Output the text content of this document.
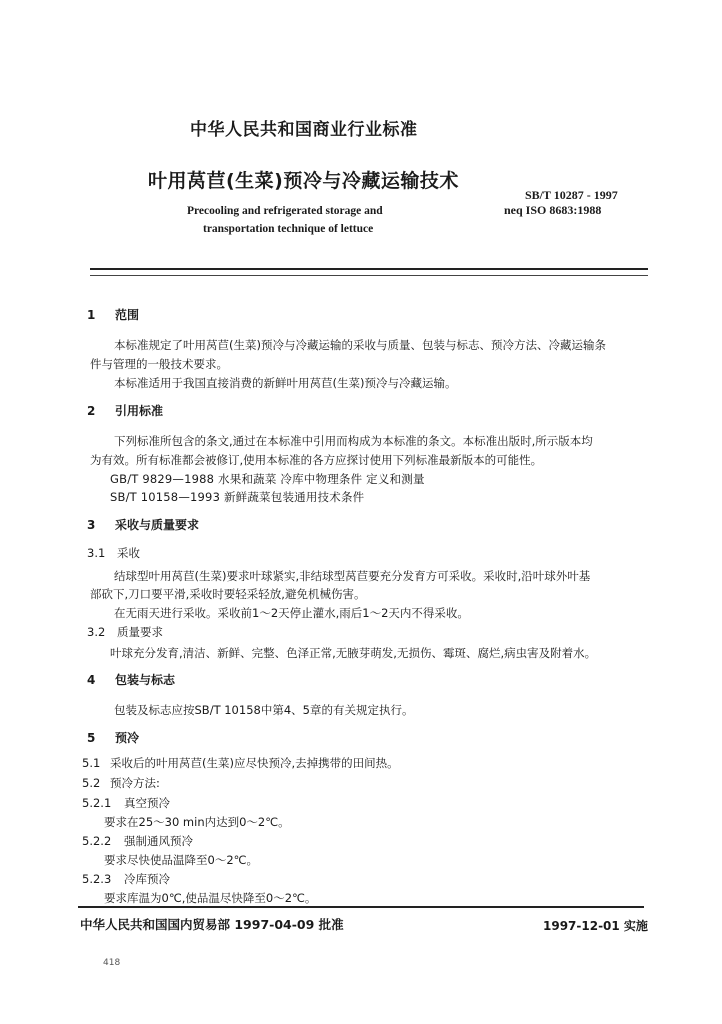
中华人民共和国商业行业标准
叶用莴苣(生菜)预冷与冷藏运输技术
SB/T 10287 - 1997
neq ISO 8683:1988
Precooling and refrigerated storage and
transportation technique of lettuce
1 范围
本标准规定了叶用莴苣(生菜)预冷与冷藏运输的采收与质量、包装与标志、预冷方法、冷藏运输条
件与管理的一般技术要求。
本标准适用于我国直接消费的新鲜叶用莴苣(生菜)预冷与冷藏运输。
2 引用标准
下列标准所包含的条文,通过在本标准中引用而构成为本标准的条文。本标准出版时,所示版本均
为有效。所有标准都会被修订,使用本标准的各方应探讨使用下列标准最新版本的可能性。
GB/T 9829—1988 水果和蔬菜 冷库中物理条件 定义和测量
SB/T 10158—1993 新鲜蔬菜包装通用技术条件
3 采收与质量要求
3.1 采收
结球型叶用莴苣(生菜)要求叶球紧实,非结球型莴苣要充分发育方可采收。采收时,沿叶球外叶基
部砍下,刀口要平滑,采收时要轻采轻放,避免机械伤害。
在无雨天进行采收。采收前1～2天停止灌水,雨后1～2天内不得采收。
3.2 质量要求
叶球充分发育,清洁、新鲜、完整、色泽正常,无腋芽萌发,无损伤、霉斑、腐烂,病虫害及附着水。
4 包装与标志
包装及标志应按SB/T 10158中第4、5章的有关规定执行。
5 预冷
5.1 采收后的叶用莴苣(生菜)应尽快预冷,去掉携带的田间热。
5.2 预冷方法:
5.2.1 真空预冷
要求在25～30 min内达到0～2℃。
5.2.2 强制通风预冷
要求尽快使品温降至0～2℃。
5.2.3 冷库预冷
要求库温为0℃,使品温尽快降至0～2℃。
中华人民共和国国内贸易部 1997-04-09 批准	1997-12-01 实施
418
